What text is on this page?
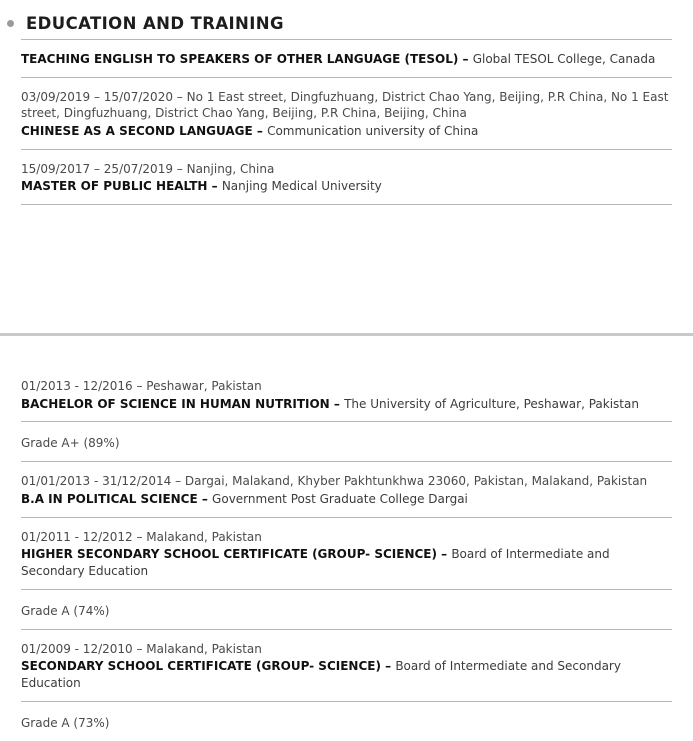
EDUCATION AND TRAINING
TEACHING ENGLISH TO SPEAKERS OF OTHER LANGUAGE (TESOL) – Global TESOL College, Canada
03/09/2019 – 15/07/2020 – No 1 East street, Dingfuzhuang, District Chao Yang, Beijing, P.R China, No 1 East street, Dingfuzhuang, District Chao Yang, Beijing, P.R China, Beijing, China
CHINESE AS A SECOND LANGUAGE – Communication university of China
15/09/2017 – 25/07/2019 – Nanjing, China
MASTER OF PUBLIC HEALTH – Nanjing Medical University
01/2013 - 12/2016 – Peshawar, Pakistan
BACHELOR OF SCIENCE IN HUMAN NUTRITION – The University of Agriculture, Peshawar, Pakistan
Grade A+ (89%)
01/01/2013 - 31/12/2014 – Dargai, Malakand, Khyber Pakhtunkhwa 23060, Pakistan, Malakand, Pakistan
B.A IN POLITICAL SCIENCE – Government Post Graduate College Dargai
01/2011 - 12/2012 – Malakand, Pakistan
HIGHER SECONDARY SCHOOL CERTIFICATE (GROUP- SCIENCE) – Board of Intermediate and Secondary Education
Grade A (74%)
01/2009 - 12/2010 – Malakand, Pakistan
SECONDARY SCHOOL CERTIFICATE (GROUP- SCIENCE) – Board of Intermediate and Secondary Education
Grade A (73%)
